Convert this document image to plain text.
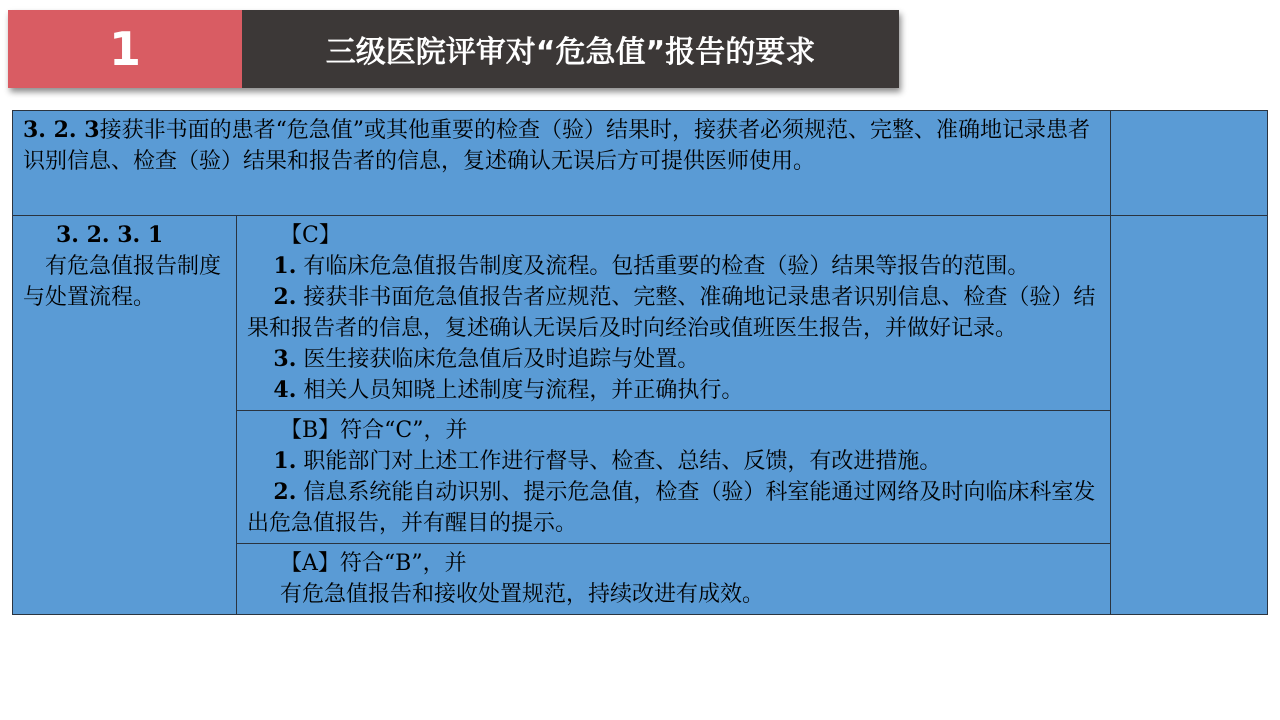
1	三级医院评审对“危急值”报告的要求
3. 2. 3接获非书面的患者“危急值”或其他重要的检查（验）结果时，接获者必须规范、完整、准确地记录患者识别信息、检查（验）结果和报告者的信息，复述确认无误后方可提供医师使用。		

3. 2. 3. 1
有危急值报告制度与处置流程。	【C】
1. 有临床危急值报告制度及流程。包括重要的检查（验）结果等报告的范围。
2. 接获非书面危急值报告者应规范、完整、准确地记录患者识别信息、检查（验）结果和报告者的信息，复述确认无误后及时向经治或值班医生报告，并做好记录。
3. 医生接获临床危急值后及时追踪与处置。
4. 相关人员知晓上述制度与流程，并正确执行。	

	【B】符合“C”，并
1. 职能部门对上述工作进行督导、检查、总结、反馈，有改进措施。
2. 信息系统能自动识别、提示危急值，检查（验）科室能通过网络及时向临床科室发出危急值报告，并有醒目的提示。	

	【A】符合“B”，并
有危急值报告和接收处置规范，持续改进有成效。	
